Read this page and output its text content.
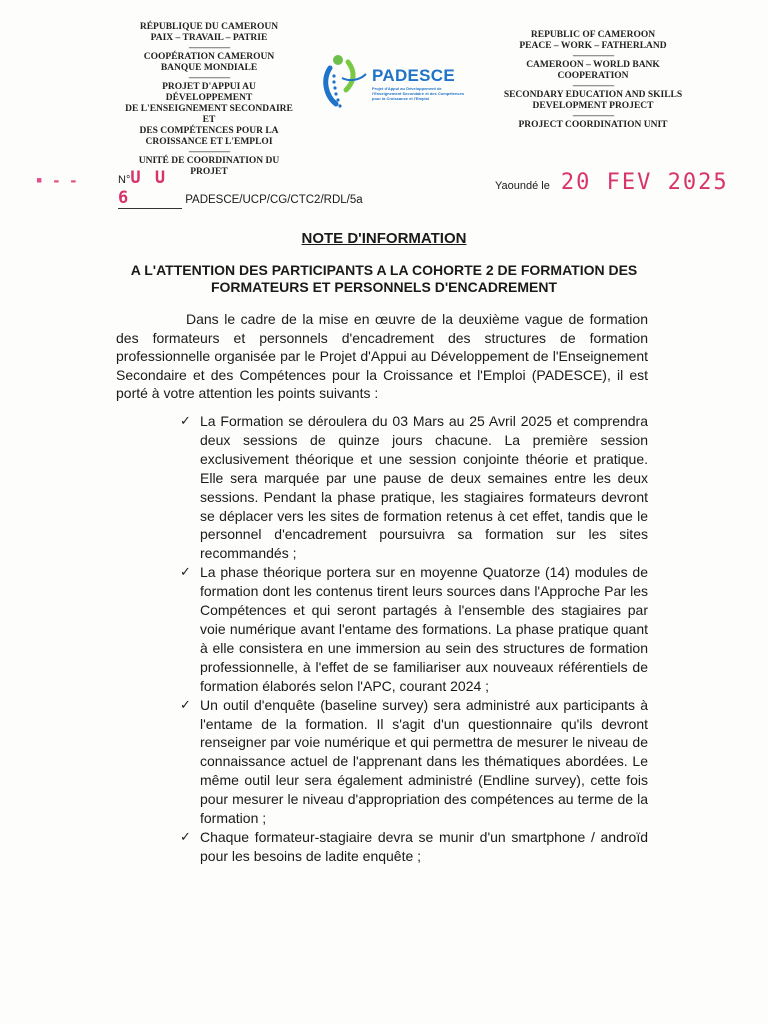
RÉPUBLIQUE DU CAMEROUN

PAIX – TRAVAIL – PATRIE

-------------------

COOPÉRATION CAMEROUN

BANQUE MONDIALE

-------------------

PROJET D'APPUI AU DÉVELOPPEMENT

DE L'ENSEIGNEMENT SECONDAIRE ET

DES COMPÉTENCES POUR LA

CROISSANCE ET L'EMPLOI

-------------------

UNITÉ DE COORDINATION DU

PROJET

PADESCE
Projet d'Appui au Développement de l'Enseignement Secondaire et des Compétences pour la Croissance et l'Emploi

REPUBLIC OF CAMEROON

PEACE – WORK – FATHERLAND

-------------------

CAMEROON – WORLD BANK

COOPERATION

-------------------

SECONDARY EDUCATION AND SKILLS

DEVELOPMENT PROJECT

-------------------

PROJECT COORDINATION UNIT

▪ ‑ ‑	N°U U 6	PADESCE/UCP/CG/CTC2/RDL/5a
Yaoundé le 20 FEV 2025
NOTE D'INFORMATION
A L'ATTENTION DES PARTICIPANTS A LA COHORTE 2 DE FORMATION DES FORMATEURS ET PERSONNELS D'ENCADREMENT

Dans le cadre de la mise en œuvre de la deuxième vague de formation des formateurs et personnels d'encadrement des structures de formation professionnelle organisée par le Projet d'Appui au Développement de l'Enseignement Secondaire et des Compétences pour la Croissance et l'Emploi (PADESCE), il est porté à votre attention les points suivants :

✓ La Formation se déroulera du 03 Mars au 25 Avril 2025 et comprendra deux sessions de quinze jours chacune. La première session exclusivement théorique et une session conjointe théorie et pratique. Elle sera marquée par une pause de deux semaines entre les deux sessions. Pendant la phase pratique, les stagiaires formateurs devront se déplacer vers les sites de formation retenus à cet effet, tandis que le personnel d'encadrement poursuivra sa formation sur les sites recommandés ;
✓ La phase théorique portera sur en moyenne Quatorze (14) modules de formation dont les contenus tirent leurs sources dans l'Approche Par les Compétences et qui seront partagés à l'ensemble des stagiaires par voie numérique avant l'entame des formations. La phase pratique quant à elle consistera en une immersion au sein des structures de formation professionnelle, à l'effet de se familiariser aux nouveaux référentiels de formation élaborés selon l'APC, courant 2024 ;
✓ Un outil d'enquête (baseline survey) sera administré aux participants à l'entame de la formation. Il s'agit d'un questionnaire qu'ils devront renseigner par voie numérique et qui permettra de mesurer le niveau de connaissance actuel de l'apprenant dans les thématiques abordées. Le même outil leur sera également administré (Endline survey), cette fois pour mesurer le niveau d'appropriation des compétences au terme de la formation ;
✓ Chaque formateur-stagiaire devra se munir d'un smartphone / androïd pour les besoins de ladite enquête ;
